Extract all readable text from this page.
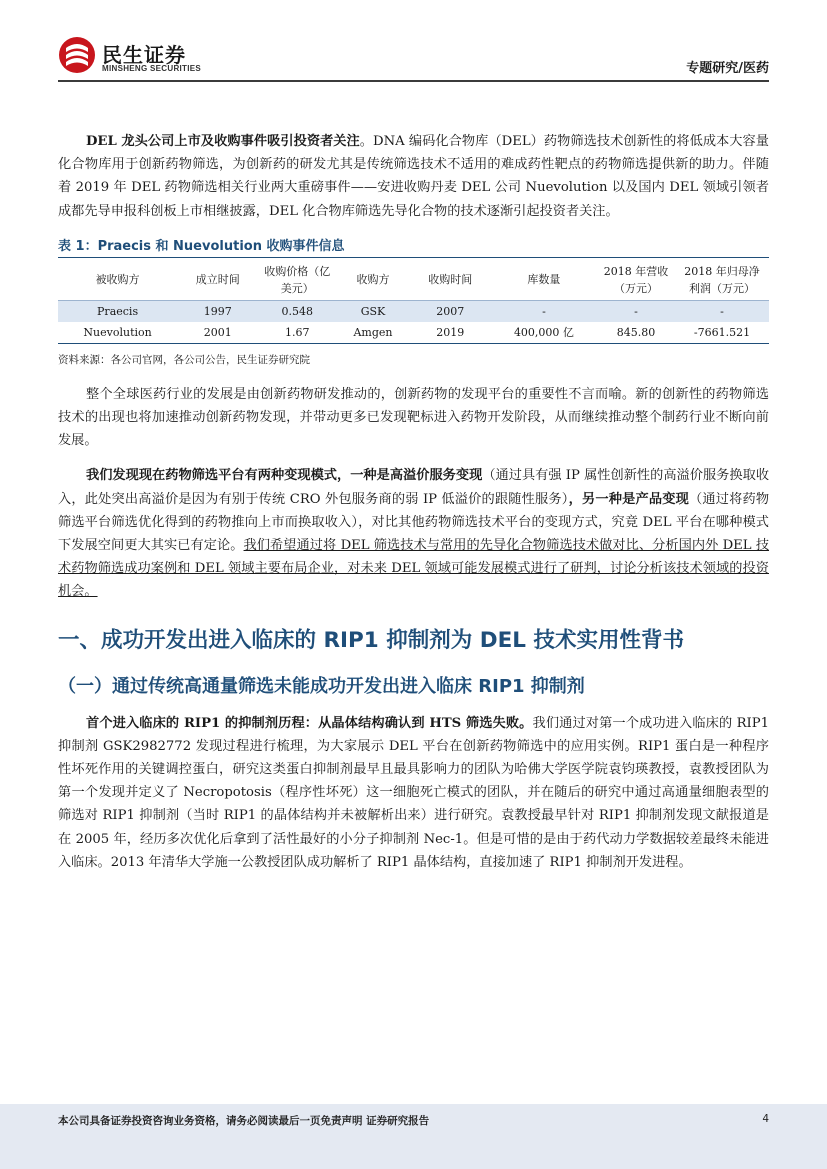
民生证券
MINSHENG SECURITIES	专题研究/医药

DEL 龙头公司上市及收购事件吸引投资者关注。DNA 编码化合物库（DEL）药物筛选技术创新性的将低成本大容量化合物库用于创新药物筛选，为创新药的研发尤其是传统筛选技术不适用的难成药性靶点的药物筛选提供新的助力。伴随着 2019 年 DEL 药物筛选相关行业两大重磅事件——安进收购丹麦 DEL 公司 Nuevolution 以及国内 DEL 领域引领者成都先导申报科创板上市相继披露，DEL 化合物库筛选先导化合物的技术逐渐引起投资者关注。

表 1：Praecis 和 Nuevolution 收购事件信息
被收购方	成立时间	收购价格（亿美元）	收购方	收购时间	库数量	2018 年营收（万元）	2018 年归母净利润（万元）
Praecis	1997	0.548	GSK	2007	-	-	-
Nuevolution	2001	1.67	Amgen	2019	400,000 亿	845.80	-7661.521
资料来源：各公司官网，各公司公告，民生证券研究院

整个全球医药行业的发展是由创新药物研发推动的，创新药物的发现平台的重要性不言而喻。新的创新性的药物筛选技术的出现也将加速推动创新药物发现，并带动更多已发现靶标进入药物开发阶段，从而继续推动整个制药行业不断向前发展。

我们发现现在药物筛选平台有两种变现模式，一种是高溢价服务变现（通过具有强 IP 属性创新性的高溢价服务换取收入，此处突出高溢价是因为有别于传统 CRO 外包服务商的弱 IP 低溢价的跟随性服务），另一种是产品变现（通过将药物筛选平台筛选优化得到的药物推向上市而换取收入），对比其他药物筛选技术平台的变现方式，究竟 DEL 平台在哪种模式下发展空间更大其实已有定论。我们希望通过将 DEL 筛选技术与常用的先导化合物筛选技术做对比、分析国内外 DEL 技术药物筛选成功案例和 DEL 领域主要布局企业，对未来 DEL 领域可能发展模式进行了研判，讨论分析该技术领域的投资机会。

一、成功开发出进入临床的 RIP1 抑制剂为 DEL 技术实用性背书
（一）通过传统高通量筛选未能成功开发出进入临床 RIP1 抑制剂

首个进入临床的 RIP1 的抑制剂历程：从晶体结构确认到 HTS 筛选失败。我们通过对第一个成功进入临床的 RIP1 抑制剂 GSK2982772 发现过程进行梳理，为大家展示 DEL 平台在创新药物筛选中的应用实例。RIP1 蛋白是一种程序性坏死作用的关键调控蛋白，研究这类蛋白抑制剂最早且最具影响力的团队为哈佛大学医学院袁钧瑛教授，袁教授团队为第一个发现并定义了 Necropotosis（程序性坏死）这一细胞死亡模式的团队，并在随后的研究中通过高通量细胞表型的筛选对 RIP1 抑制剂（当时 RIP1 的晶体结构并未被解析出来）进行研究。袁教授最早针对 RIP1 抑制剂发现文献报道是在 2005 年，经历多次优化后拿到了活性最好的小分子抑制剂 Nec-1。但是可惜的是由于药代动力学数据较差最终未能进入临床。2013 年清华大学施一公教授团队成功解析了 RIP1 晶体结构，直接加速了 RIP1 抑制剂开发进程。

本公司具备证券投资咨询业务资格，请务必阅读最后一页免责声明 证券研究报告	4
